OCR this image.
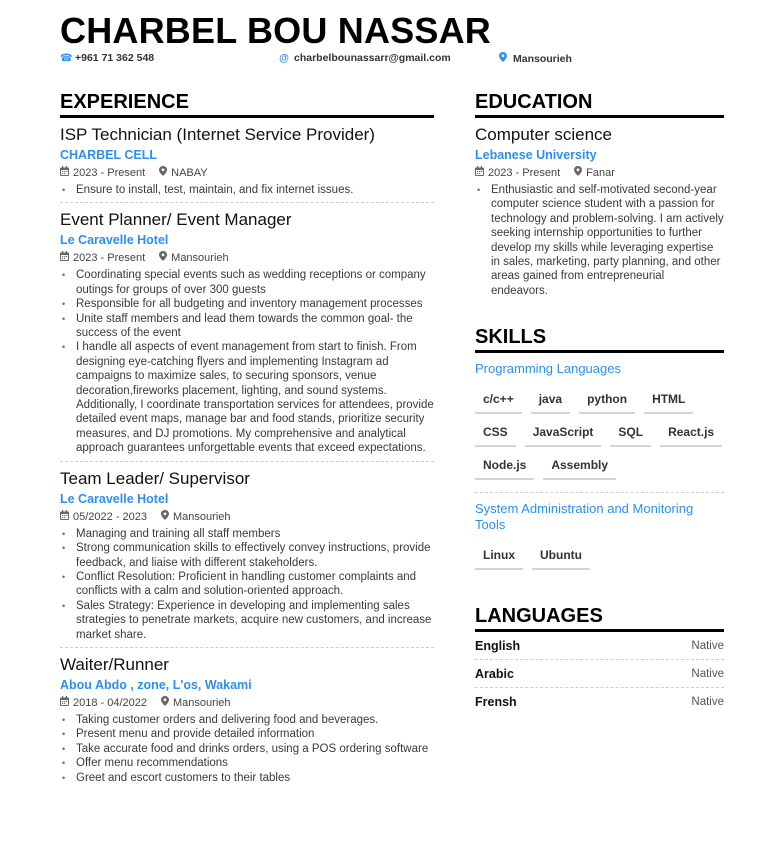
CHARBEL BOU NASSAR
☎ +961 71 362 548	@ charbelbounassarr@gmail.com	Mansourieh
EXPERIENCE
ISP Technician (Internet Service Provider)
CHARBEL CELL
2023 - Present	NABAY
• Ensure to install, test, maintain, and fix internet issues.
Event Planner/ Event Manager
Le Caravelle Hotel
2023 - Present	Mansourieh
• Coordinating special events such as wedding receptions or company outings for groups of over 300 guests
• Responsible for all budgeting and inventory management processes
• Unite staff members and lead them towards the common goal- the success of the event
• I handle all aspects of event management from start to finish. From designing eye-catching flyers and implementing Instagram ad campaigns to maximize sales, to securing sponsors, venue decoration,fireworks placement, lighting, and sound systems. Additionally, I coordinate transportation services for attendees, provide detailed event maps, manage bar and food stands, prioritize security measures, and DJ promotions. My comprehensive and analytical approach guarantees unforgettable events that exceed expectations.
Team Leader/ Supervisor
Le Caravelle Hotel
05/2022 - 2023	Mansourieh
• Managing and training all staff members
• Strong communication skills to effectively convey instructions, provide feedback, and liaise with different stakeholders.
• Conflict Resolution: Proficient in handling customer complaints and conflicts with a calm and solution-oriented approach.
• Sales Strategy: Experience in developing and implementing sales strategies to penetrate markets, acquire new customers, and increase market share.
Waiter/Runner
Abou Abdo , zone, L'os, Wakami
2018 - 04/2022	Mansourieh
• Taking customer orders and delivering food and beverages.
• Present menu and provide detailed information
• Take accurate food and drinks orders, using a POS ordering software
• Offer menu recommendations
• Greet and escort customers to their tables
EDUCATION
Computer science
Lebanese University
2023 - Present	Fanar
• Enthusiastic and self-motivated second-year computer science student with a passion for technology and problem-solving. I am actively seeking internship opportunities to further develop my skills while leveraging expertise in sales, marketing, party planning, and other areas gained from entrepreneurial endeavors.
SKILLS
Programming Languages
c/c++	java	python	HTML
CSS	JavaScript	SQL	React.js
Node.js	Assembly
System Administration and Monitoring Tools
Linux	Ubuntu
LANGUAGES
English	Native
Arabic	Native
Frensh	Native
